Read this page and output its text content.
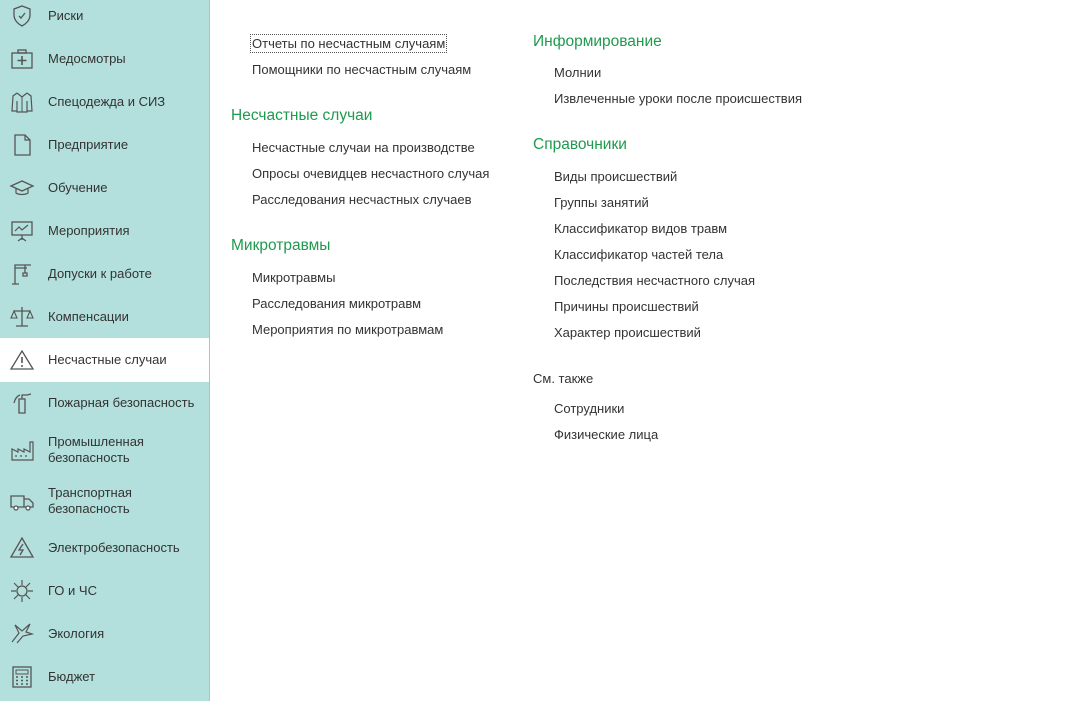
Риски
Медосмотры
Спецодежда и СИЗ
Предприятие
Обучение
Мероприятия
Допуски к работе
Компенсации
Несчастные случаи
Пожарная безопасность
Промышленная
безопасность
Транспортная
безопасность
Электробезопасность
ГО и ЧС
Экология
Бюджет
Отчеты по несчастным случаям
Помощники по несчастным случаям
Несчастные случаи
Несчастные случаи на производстве
Опросы очевидцев несчастного случая
Расследования несчастных случаев
Микротравмы
Микротравмы
Расследования микротравм
Мероприятия по микротравмам
Информирование
Молнии
Извлеченные уроки после происшествия
Справочники
Виды происшествий
Группы занятий
Классификатор видов травм
Классификатор частей тела
Последствия несчастного случая
Причины происшествий
Характер происшествий
См. также
Сотрудники
Физические лица
